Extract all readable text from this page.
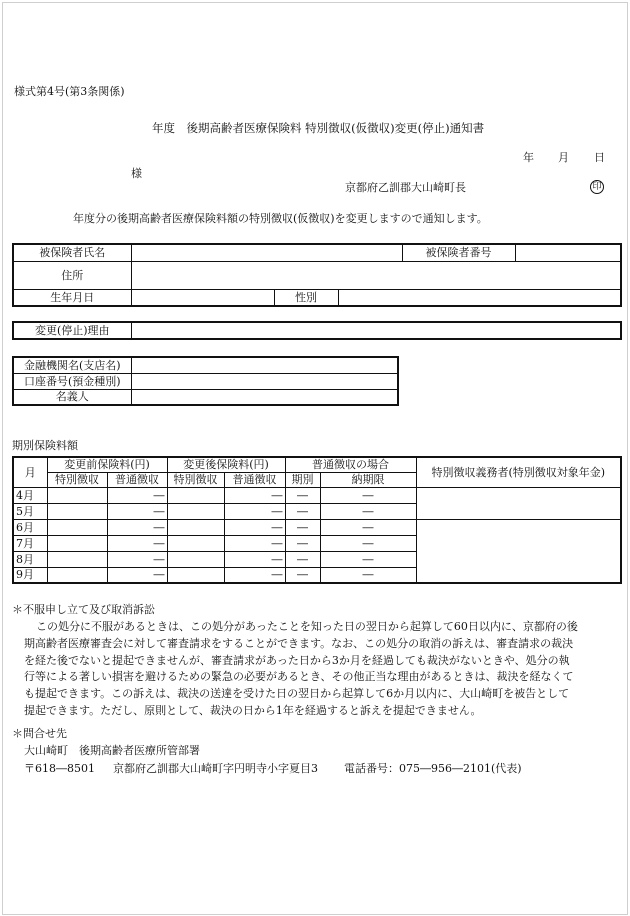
様式第4号(第3条関係)
年度　後期高齢者医療保険料 特別徴収(仮徴収)変更(停止)通知書
年 月 日
様
京都府乙訓郡大山崎町長	印
年度分の後期高齢者医療保険料額の特別徴収(仮徴収)を変更しますので通知します。
被保険者氏名				被保険者番号	
住所					
生年月日		性別			
変更(停止)理由	
金融機関名(支店名)	
口座番号(預金種別)	
名義人	
期別保険料額
月	変更前保険料(円)		変更後保険料(円)		普通徴収の場合		特別徴収義務者(特別徴収対象年金)
	特別徴収	普通徴収	特別徴収	普通徴収	期別	納期限	
4月		―		―	―	―	
5月		―		―	―	―	
6月		―		―	―	―	
7月		―		―	―	―	
8月		―		―	―	―	
9月		―		―	―	―	
＊不服申し立て及び取消訴訟

この処分に不服があるときは、この処分があったことを知った日の翌日から起算して60日以内に、京都府の後

期高齢者医療審査会に対して審査請求をすることができます。なお、この処分の取消の訴えは、審査請求の裁決

を経た後でないと提起できませんが、審査請求があった日から3か月を経過しても裁決がないときや、処分の執

行等による著しい損害を避けるための緊急の必要があるとき、その他正当な理由があるときは、裁決を経なくて

も提起できます。この訴えは、裁決の送達を受けた日の翌日から起算して6か月以内に、大山崎町を被告として

提起できます。ただし、原則として、裁決の日から1年を経過すると訴えを提起できません。

＊問合せ先
大山崎町　後期高齢者医療所管部署
〒618―8501 京都府乙訓郡大山崎町字円明寺小字夏目3 電話番号：075―956―2101(代表)
